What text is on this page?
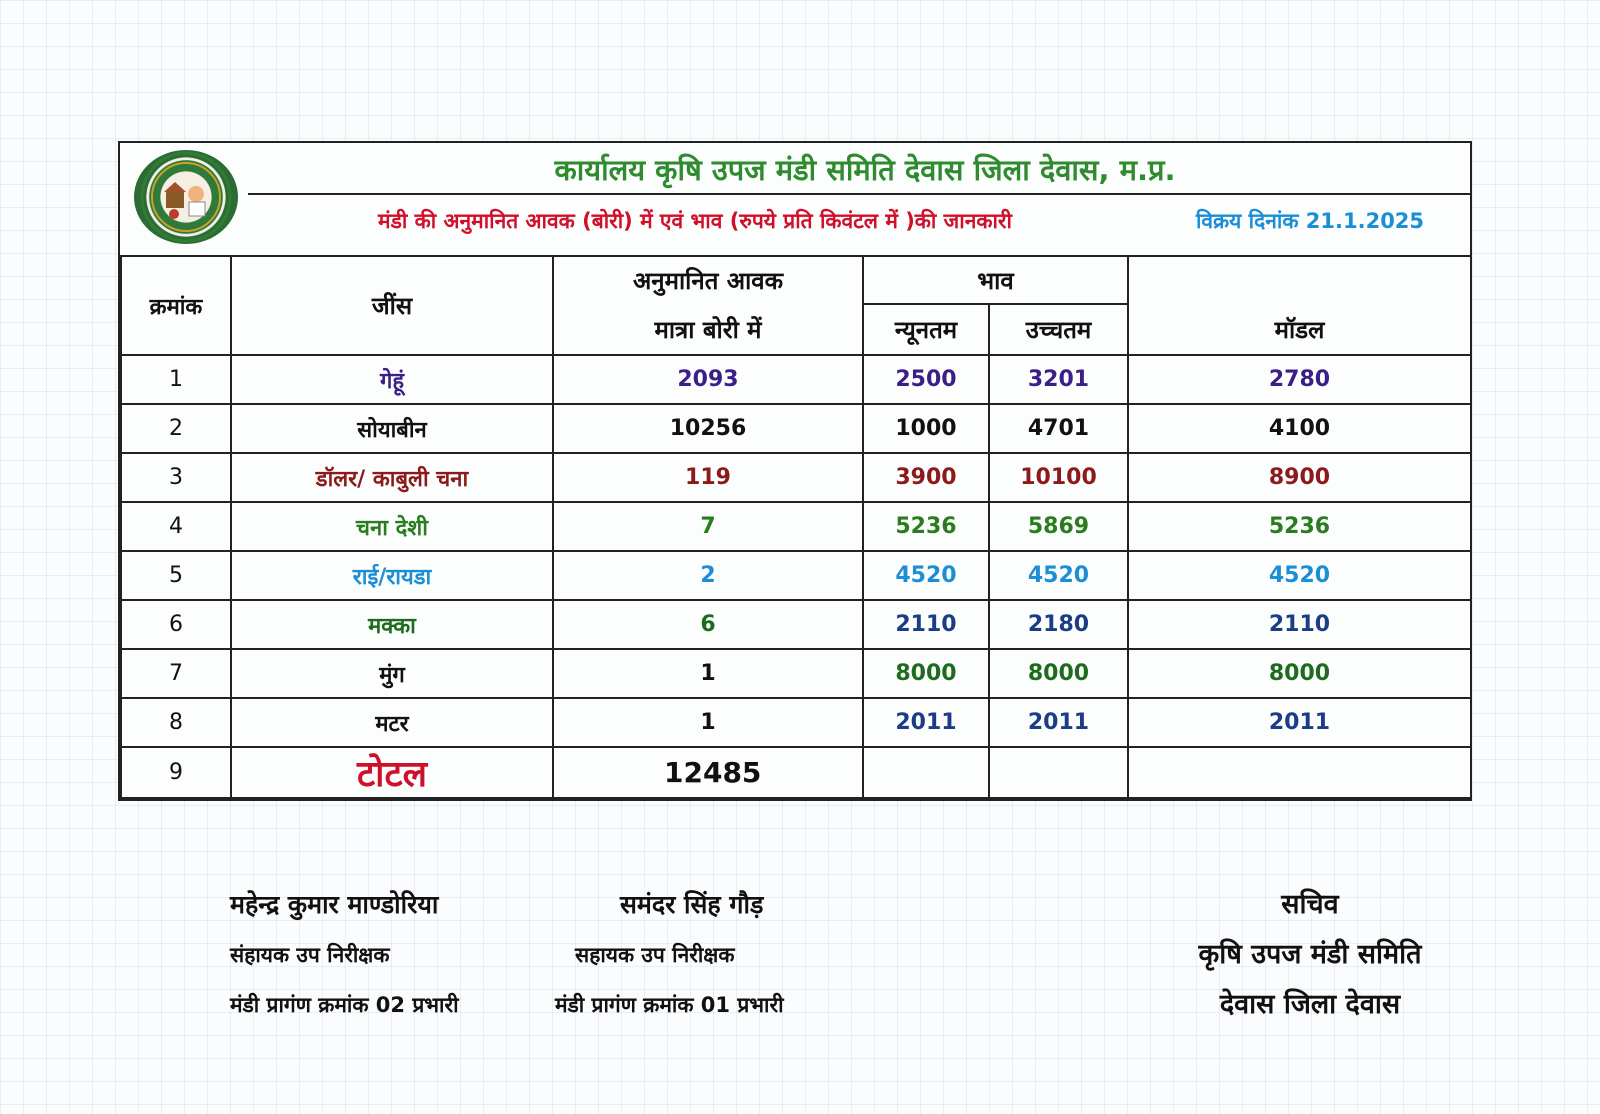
कार्यालय कृषि उपज मंडी समिति देवास जिला देवास, म.प्र.
मंडी की अनुमानित आवक (बोरी) में एवं भाव (रुपये प्रति किवंटल में )की जानकारी	विक्रय दिनांक 21.1.2025
क्रमांक	जींस	अनुमानित आवक	भाव		
		मात्रा बोरी में	न्यूनतम	उच्चतम	मॉडल
1	गेहूं	2093	2500	3201	2780
2	सोयाबीन	10256	1000	4701	4100
3	डॉलर/ काबुली चना	119	3900	10100	8900
4	चना देशी	7	5236	5869	5236
5	राई/रायडा	2	4520	4520	4520
6	मक्का	6	2110	2180	2110
7	मुंग	1	8000	8000	8000
8	मटर	1	2011	2011	2011
9	टोटल	12485			
महेन्द्र कुमार माण्डोरिया
संहायक उप निरीक्षक
मंडी प्रागंण क्रमांक 02 प्रभारी
समंदर सिंह गौड़
सहायक उप निरीक्षक
मंडी प्रागंण क्रमांक 01 प्रभारी
सचिव
कृषि उपज मंडी समिति
देवास जिला देवास
